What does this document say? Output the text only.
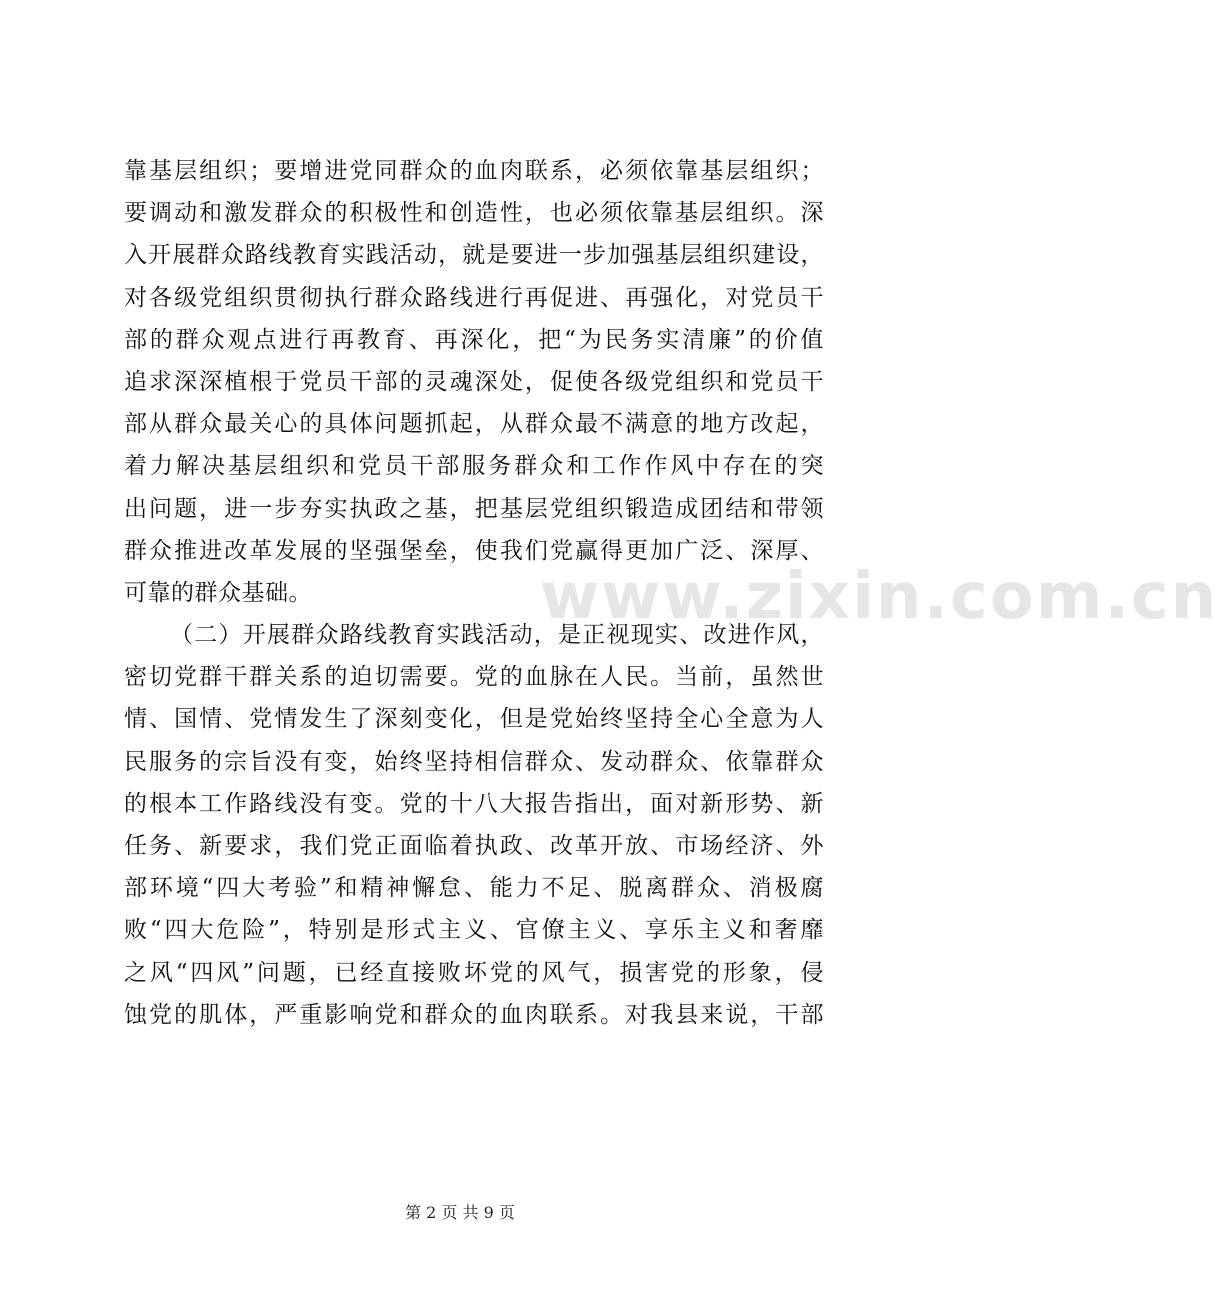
www.zixin.com.cn
靠基层组织；要增进党同群众的血肉联系，必须依靠基层组织；
要调动和激发群众的积极性和创造性，也必须依靠基层组织。深
入开展群众路线教育实践活动，就是要进一步加强基层组织建设，
对各级党组织贯彻执行群众路线进行再促进、再强化，对党员干
部的群众观点进行再教育、再深化，把“为民务实清廉”的价值
追求深深植根于党员干部的灵魂深处，促使各级党组织和党员干
部从群众最关心的具体问题抓起，从群众最不满意的地方改起，
着力解决基层组织和党员干部服务群众和工作作风中存在的突
出问题，进一步夯实执政之基，把基层党组织锻造成团结和带领
群众推进改革发展的坚强堡垒，使我们党赢得更加广泛、深厚、
可靠的群众基础。
（二）开展群众路线教育实践活动，是正视现实、改进作风，
密切党群干群关系的迫切需要。党的血脉在人民。当前，虽然世
情、国情、党情发生了深刻变化，但是党始终坚持全心全意为人
民服务的宗旨没有变，始终坚持相信群众、发动群众、依靠群众
的根本工作路线没有变。党的十八大报告指出，面对新形势、新
任务、新要求，我们党正面临着执政、改革开放、市场经济、外
部环境“四大考验”和精神懈怠、能力不足、脱离群众、消极腐
败“四大危险”，特别是形式主义、官僚主义、享乐主义和奢靡
之风“四风”问题，已经直接败坏党的风气，损害党的形象，侵
蚀党的肌体，严重影响党和群众的血肉联系。对我县来说，干部
第 2 页 共 9 页
